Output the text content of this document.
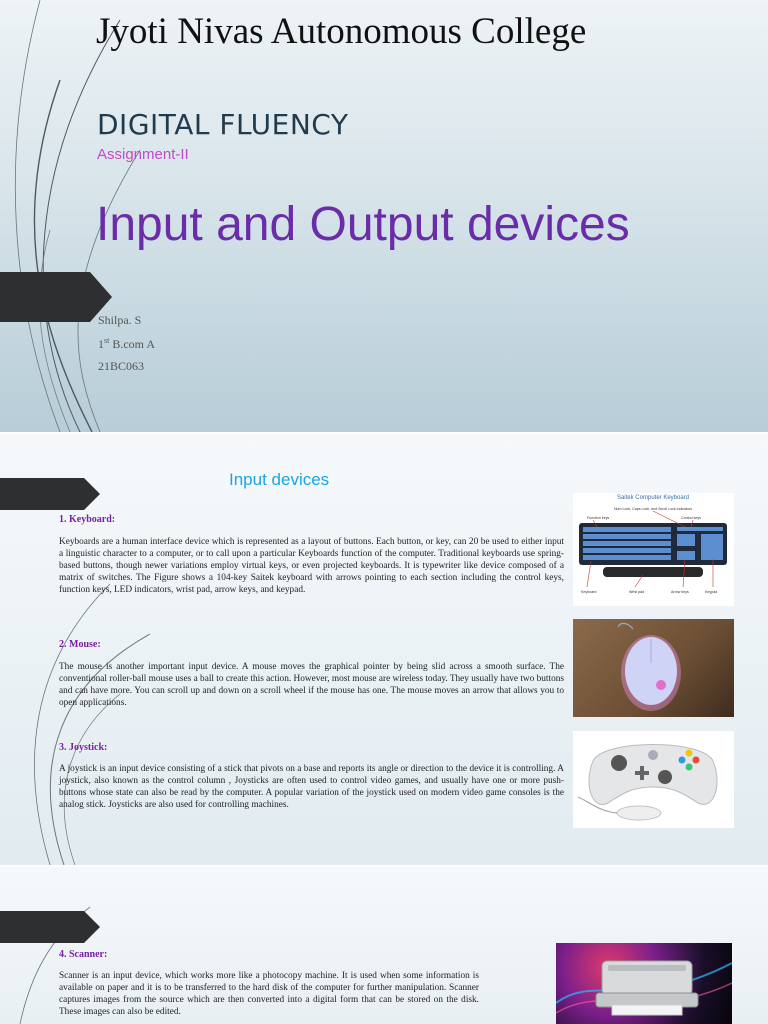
Jyoti Nivas Autonomous College
DIGITAL FLUENCY
Assignment-II
Input and Output devices
Shilpa. S
1st B.com A
21BC063
Input devices
1. Keyboard:

Keyboards are a human interface device which is represented as a layout of buttons. Each button, or key, can 20 be used to either input a linguistic character to a computer, or to call upon a particular Keyboards function of the computer. Traditional keyboards use spring-based buttons, though newer variations employ virtual keys, or even projected keyboards. It is typewriter like device composed of a matrix of switches. The Figure shows a 104-key Saitek keyboard with arrows pointing to each section including the control keys, function keys, LED indicators, wrist pad, arrow keys, and keypad.

Saitek Computer Keyboard
Num Lock, Caps Lock, and Scroll Lock indicators
Function keys	Control keys
Keyboard	Wrist pad	Arrow keys	Keypad
2. Mouse:

The mouse is another important input device. A mouse moves the graphical pointer by being slid across a smooth surface. The conventional roller-ball mouse uses a ball to create this action. However, most mouse are wireless today. They usually have two buttons and can have more. You can scroll up and down on a scroll wheel if the mouse has one. The mouse moves an arrow that allows you to open applications.

3. Joystick:

A joystick is an input device consisting of a stick that pivots on a base and reports its angle or direction to the device it is controlling. A joystick, also known as the control column , Joysticks are often used to control video games, and usually have one or more push-buttons whose state can also be read by the computer. A popular variation of the joystick used on modern video game consoles is the analog stick. Joysticks are also used for controlling machines.

4. Scanner:

Scanner is an input device, which works more like a photocopy machine. It is used when some information is available on paper and it is to be transferred to the hard disk of the computer for further manipulation. Scanner captures images from the source which are then converted into a digital form that can be stored on the disk. These images can also be edited.
